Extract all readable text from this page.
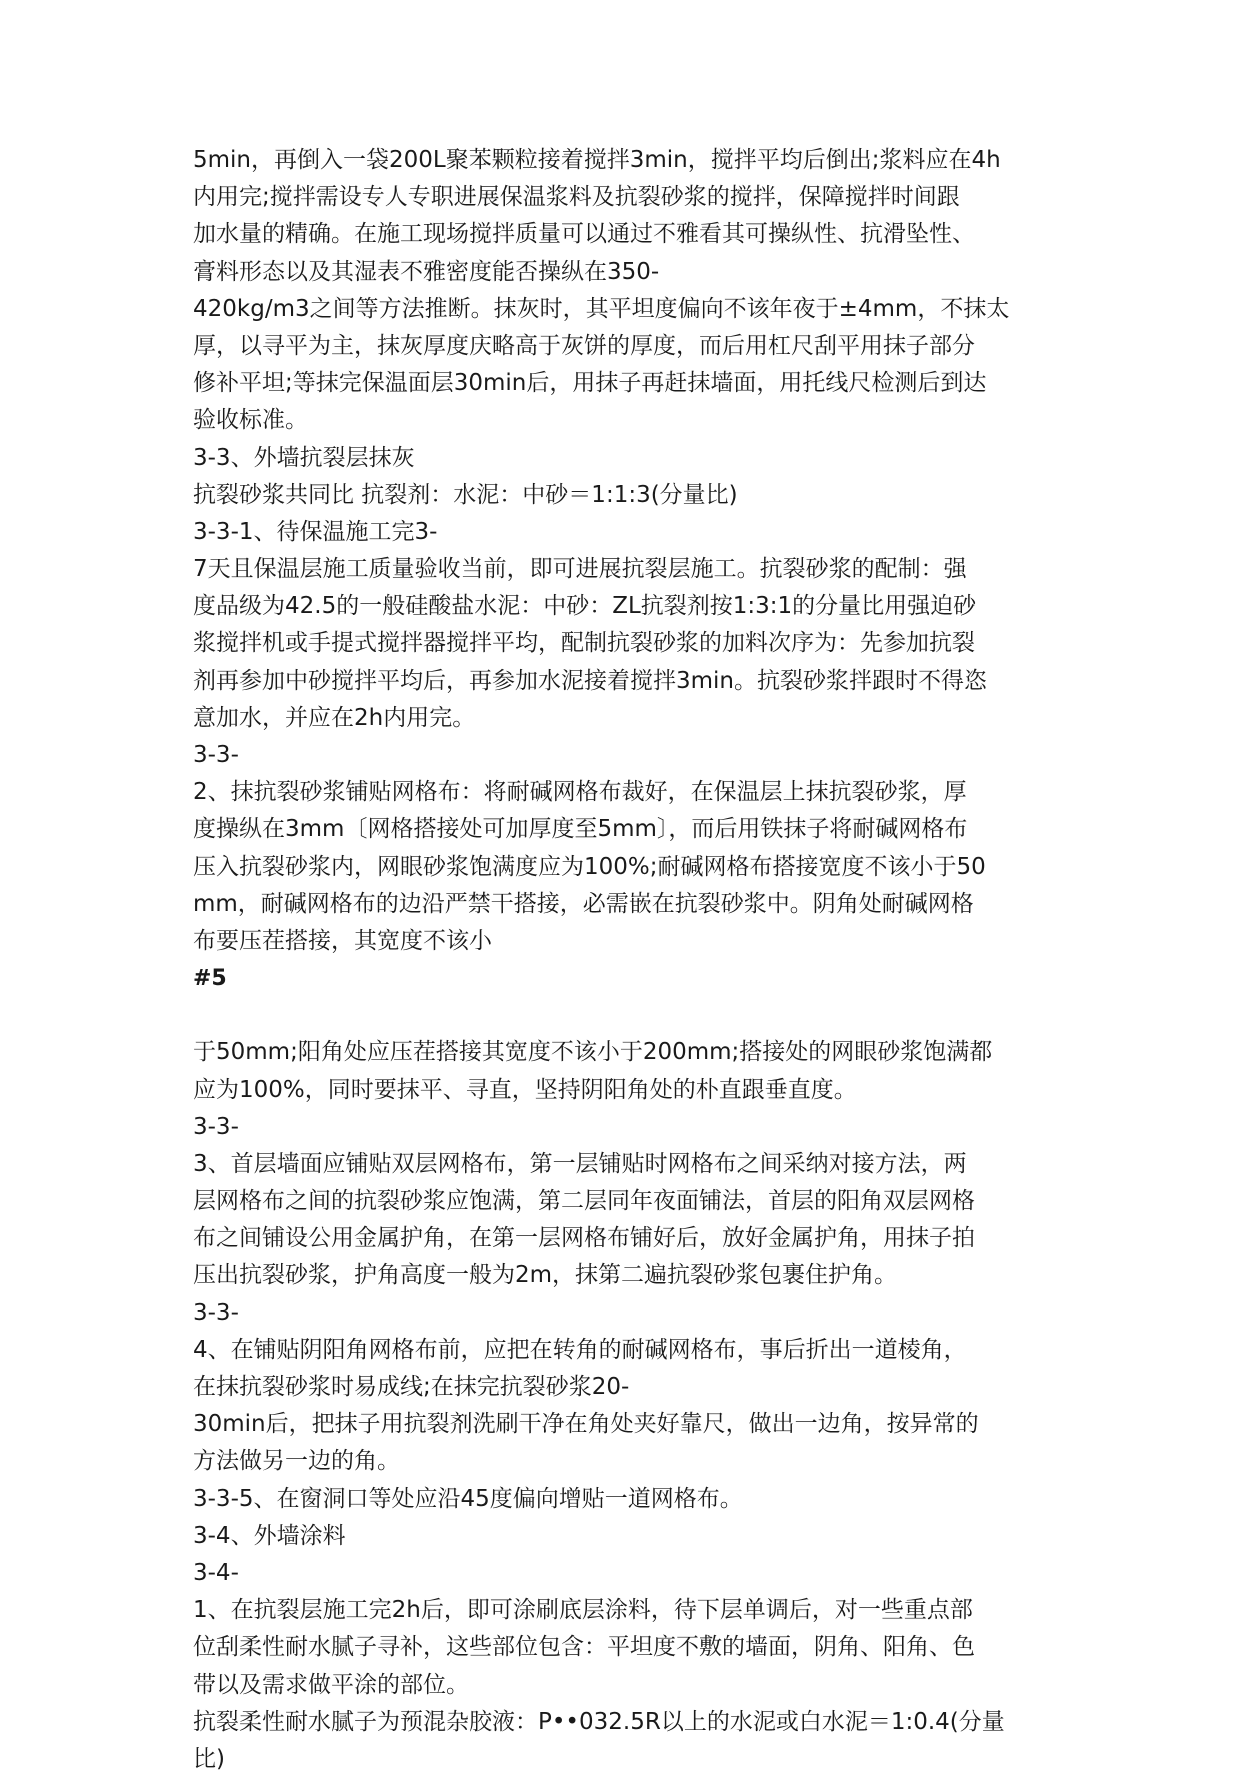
5min，再倒入一袋200L聚苯颗粒接着搅拌3min，搅拌平均后倒出;浆料应在4h
内用完;搅拌需设专人专职进展保温浆料及抗裂砂浆的搅拌，保障搅拌时间跟
加水量的精确。在施工现场搅拌质量可以通过不雅看其可操纵性、抗滑坠性、
膏料形态以及其湿表不雅密度能否操纵在350-
420kg/m3之间等方法推断。抹灰时，其平坦度偏向不该年夜于±4mm，不抹太
厚，以寻平为主，抹灰厚度庆略高于灰饼的厚度，而后用杠尺刮平用抹子部分
修补平坦;等抹完保温面层30min后，用抹子再赶抹墙面，用托线尺检测后到达
验收标准。
3-3、外墙抗裂层抹灰
抗裂砂浆共同比 抗裂剂：水泥：中砂＝1:1:3(分量比)
3-3-1、待保温施工完3-
7天且保温层施工质量验收当前，即可进展抗裂层施工。抗裂砂浆的配制：强
度品级为42.5的一般硅酸盐水泥：中砂：ZL抗裂剂按1:3:1的分量比用强迫砂
浆搅拌机或手提式搅拌器搅拌平均，配制抗裂砂浆的加料次序为：先参加抗裂
剂再参加中砂搅拌平均后，再参加水泥接着搅拌3min。抗裂砂浆拌跟时不得恣
意加水，并应在2h内用完。
3-3-
2、抹抗裂砂浆铺贴网格布：将耐碱网格布裁好，在保温层上抹抗裂砂浆，厚
度操纵在3mm〔网格搭接处可加厚度至5mm〕，而后用铁抹子将耐碱网格布
压入抗裂砂浆内，网眼砂浆饱满度应为100%;耐碱网格布搭接宽度不该小于50
mm，耐碱网格布的边沿严禁干搭接，必需嵌在抗裂砂浆中。阴角处耐碱网格
布要压茬搭接，其宽度不该小
#5
于50mm;阳角处应压茬搭接其宽度不该小于200mm;搭接处的网眼砂浆饱满都
应为100%，同时要抹平、寻直，坚持阴阳角处的朴直跟垂直度。
3-3-
3、首层墙面应铺贴双层网格布，第一层铺贴时网格布之间采纳对接方法，两
层网格布之间的抗裂砂浆应饱满，第二层同年夜面铺法，首层的阳角双层网格
布之间铺设公用金属护角，在第一层网格布铺好后，放好金属护角，用抹子拍
压出抗裂砂浆，护角高度一般为2m，抹第二遍抗裂砂浆包裹住护角。
3-3-
4、在铺贴阴阳角网格布前，应把在转角的耐碱网格布，事后折出一道棱角，
在抹抗裂砂浆时易成线;在抹完抗裂砂浆20-
30min后，把抹子用抗裂剂洗刷干净在角处夹好靠尺，做出一边角，按异常的
方法做另一边的角。
3-3-5、在窗洞口等处应沿45度偏向增贴一道网格布。
3-4、外墙涂料
3-4-
1、在抗裂层施工完2h后，即可涂刷底层涂料，待下层单调后，对一些重点部
位刮柔性耐水腻子寻补，这些部位包含：平坦度不敷的墙面，阴角、阳角、色
带以及需求做平涂的部位。
抗裂柔性耐水腻子为预混杂胶液：P••032.5R以上的水泥或白水泥＝1:0.4(分量
比)
